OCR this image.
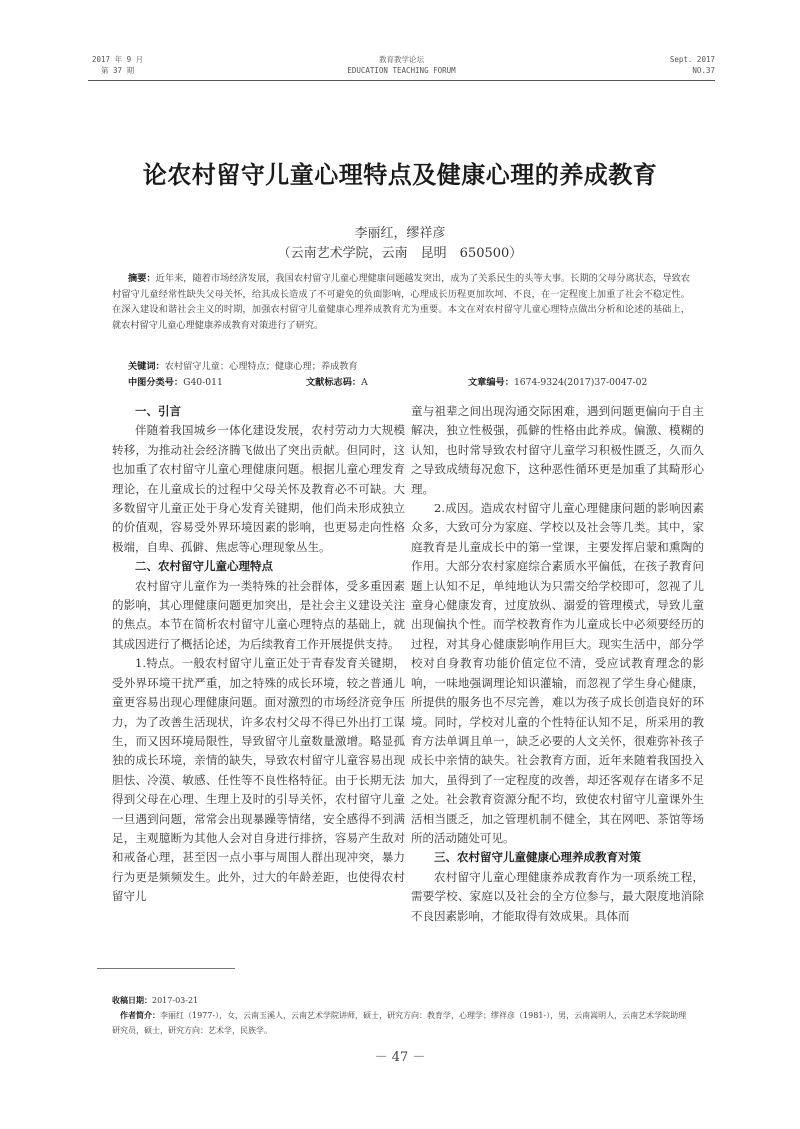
2017 年 9 月
第 37 期
教育教学论坛
EDUCATION TEACHING FORUM
Sept. 2017
NO.37
论农村留守儿童心理特点及健康心理的养成教育
李丽红，缪祥彦
（云南艺术学院，云南　昆明　650500）
摘要：近年来，随着市场经济发展，我国农村留守儿童心理健康问题越发突出，成为了关系民生的头等大事。长期的父母分离状态，导致农村留守儿童经常性缺失父母关怀，给其成长造成了不可避免的负面影响，心理成长历程更加坎坷、不良，在一定程度上加重了社会不稳定性。在深入建设和谐社会主义的时期，加强农村留守儿童健康心理养成教育尤为重要。本文在对农村留守儿童心理特点做出分析和论述的基础上，就农村留守儿童心理健康养成教育对策进行了研究。
关键词：农村留守儿童；心理特点；健康心理；养成教育
中图分类号：G40-011	文献标志码：A	文章编号：1674-9324(2017)37-0047-02
一、引言

伴随着我国城乡一体化建设发展，农村劳动力大规模转移，为推动社会经济腾飞做出了突出贡献。但同时，这也加重了农村留守儿童心理健康问题。根据儿童心理发育理论，在儿童成长的过程中父母关怀及教育必不可缺。大多数留守儿童正处于身心发育关键期，他们尚未形成独立的价值观，容易受外界环境因素的影响，也更易走向性格极端，自卑、孤僻、焦虑等心理现象丛生。

二、农村留守儿童心理特点

农村留守儿童作为一类特殊的社会群体，受多重因素的影响，其心理健康问题更加突出，是社会主义建设关注的焦点。本节在简析农村留守儿童心理特点的基础上，就其成因进行了概括论述，为后续教育工作开展提供支持。

1.特点。一般农村留守儿童正处于青春发育关键期，受外界环境干扰严重，加之特殊的成长环境，较之普通儿童更容易出现心理健康问题。面对激烈的市场经济竞争压力，为了改善生活现状，许多农村父母不得已外出打工谋生，而又因环境局限性，导致留守儿童数量激增。略显孤独的成长环境，亲情的缺失，导致农村留守儿童容易出现胆怯、冷漠、敏感、任性等不良性格特征。由于长期无法得到父母在心理、生理上及时的引导关怀，农村留守儿童一旦遇到问题，常常会出现暴躁等情绪，安全感得不到满足，主观臆断为其他人会对自身进行排挤，容易产生敌对和戒备心理，甚至因一点小事与周围人群出现冲突，暴力行为更是频频发生。此外，过大的年龄差距，也使得农村留守儿

童与祖辈之间出现沟通交际困难，遇到问题更偏向于自主解决，独立性极强，孤僻的性格由此养成。偏激、模糊的认知，也时常导致农村留守儿童学习积极性匮乏，久而久之导致成绩每况愈下，这种恶性循环更是加重了其畸形心理。

2.成因。造成农村留守儿童心理健康问题的影响因素众多，大致可分为家庭、学校以及社会等几类。其中，家庭教育是儿童成长中的第一堂课，主要发挥启蒙和熏陶的作用。大部分农村家庭综合素质水平偏低，在孩子教育问题上认知不足，单纯地认为只需交给学校即可，忽视了儿童身心健康发育，过度放纵、溺爱的管理模式，导致儿童出现偏执个性。而学校教育作为儿童成长中必须要经历的过程，对其身心健康影响作用巨大。现实生活中，部分学校对自身教育功能价值定位不清，受应试教育理念的影响，一味地强调理论知识灌输，而忽视了学生身心健康，所提供的服务也不尽完善，难以为孩子成长创造良好的环境。同时，学校对儿童的个性特征认知不足，所采用的教育方法单调且单一，缺乏必要的人文关怀，很难弥补孩子成长中亲情的缺失。社会教育方面，近年来随着我国投入加大，虽得到了一定程度的改善，却还客观存在诸多不足之处。社会教育资源分配不均，致使农村留守儿童课外生活相当匮乏，加之管理机制不健全，其在网吧、茶馆等场所的活动随处可见。

三、农村留守儿童健康心理养成教育对策

农村留守儿童心理健康养成教育作为一项系统工程，需要学校、家庭以及社会的全方位参与，最大限度地消除不良因素影响，才能取得有效成果。具体而

收稿日期：2017-03-21

作者简介：李丽红（1977-），女，云南玉溪人，云南艺术学院讲师，硕士，研究方向：教育学，心理学；缪祥彦（1981-），男，云南嵩明人，云南艺术学院助理研究员，硕士，研究方向：艺术学，民族学。

－ 47 －
